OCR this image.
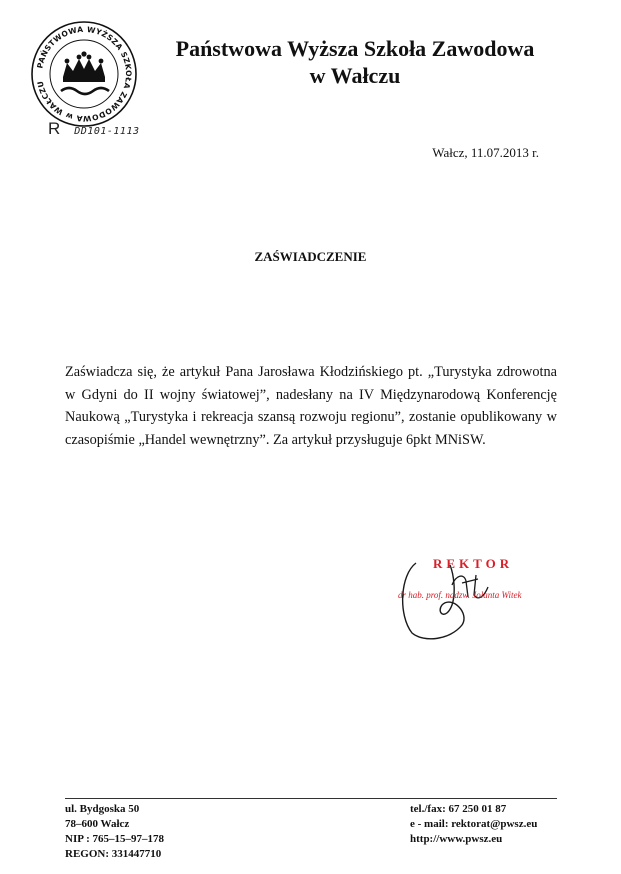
PAŃSTWOWA WYŻSZA SZKOŁA ZAWODOWA w WAŁCZU
Państwowa Wyższa Szkoła Zawodowa
w Wałczu
R DD101-1113
Wałcz, 11.07.2013 r.
ZAŚWIADCZENIE
Zaświadcza się, że artykuł Pana Jarosława Kłodzińskiego pt. „Turystyka zdrowotna w Gdyni do II wojny światowej”, nadesłany na IV Międzynarodową Konferencję Naukową „Turystyka i rekreacja szansą rozwoju regionu”, zostanie opublikowany w czasopiśmie „Handel wewnętrzny”. Za artykuł przysługuje 6pkt MNiSW.
REKTOR
dr hab. prof. nadzw. Jolanta Witek
ul. Bydgoska 50
78–600 Wałcz
NIP : 765–15–97–178
REGON: 331447710
tel./fax: 67 250 01 87
e - mail: rektorat@pwsz.eu
http://www.pwsz.eu
